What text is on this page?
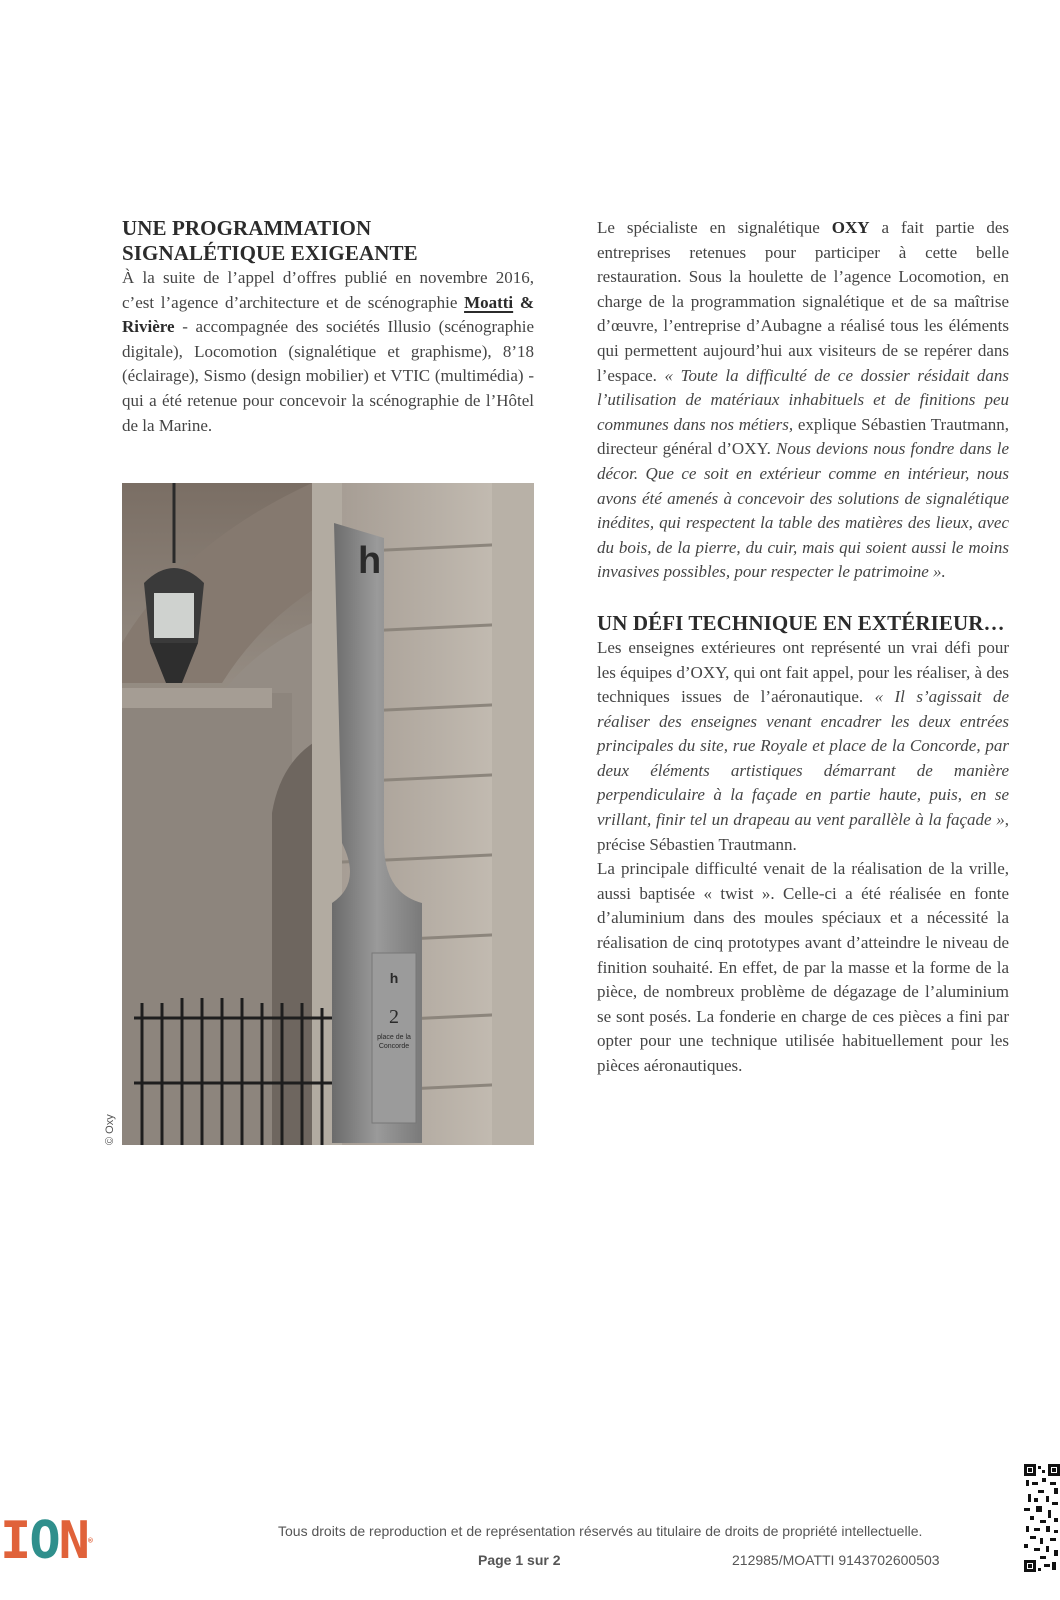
UNE PROGRAMMATION
SIGNALÉTIQUE EXIGEANTE

À la suite de l’appel d’offres publié en novembre 2016, c’est l’agence d’architecture et de scénographie Moatti & Rivière - accompagnée des sociétés Illusio (scénographie digitale), Locomotion (signalétique et graphisme), 8’18 (éclairage), Sismo (design mobilier) et VTIC (multimédia) - qui a été retenue pour concevoir la scénographie de l’Hôtel de la Marine.

h
h
2
place de la
Concorde
© Oxy

Le spécialiste en signalétique OXY a fait partie des entreprises retenues pour participer à cette belle restauration. Sous la houlette de l’agence Locomotion, en charge de la programmation signalétique et de sa maîtrise d’œuvre, l’entreprise d’Aubagne a réalisé tous les éléments qui permettent aujourd’hui aux visiteurs de se repérer dans l’espace. « Toute la difficulté de ce dossier résidait dans l’utilisation de matériaux inhabituels et de finitions peu communes dans nos métiers, explique Sébastien Trautmann, directeur général d’OXY. Nous devions nous fondre dans le décor. Que ce soit en extérieur comme en intérieur, nous avons été amenés à concevoir des solutions de signalétique inédites, qui respectent la table des matières des lieux, avec du bois, de la pierre, du cuir, mais qui soient aussi le moins invasives possibles, pour respecter le patrimoine ».

UN DÉFI TECHNIQUE EN EXTÉRIEUR…

Les enseignes extérieures ont représenté un vrai défi pour les équipes d’OXY, qui ont fait appel, pour les réaliser, à des techniques issues de l’aéronautique. « Il s’agissait de réaliser des enseignes venant encadrer les deux entrées principales du site, rue Royale et place de la Concorde, par deux éléments artistiques démarrant de manière perpendiculaire à la façade en partie haute, puis, en se vrillant, finir tel un drapeau au vent parallèle à la façade », précise Sébastien Trautmann.

La principale difficulté venait de la réalisation de la vrille, aussi baptisée « twist ». Celle-ci a été réalisée en fonte d’aluminium dans des moules spéciaux et a nécessité la réalisation de cinq prototypes avant d’atteindre le niveau de finition souhaité. En effet, de par la masse et la forme de la pièce, de nombreux problème de dégazage de l’aluminium se sont posés. La fonderie en charge de ces pièces a fini par opter pour une technique utilisée habituellement pour les pièces aéronautiques.

ION®
Tous droits de reproduction et de représentation réservés au titulaire de droits de propriété intellectuelle.
Page 1 sur 2	212985/MOATTI 9143702600503
